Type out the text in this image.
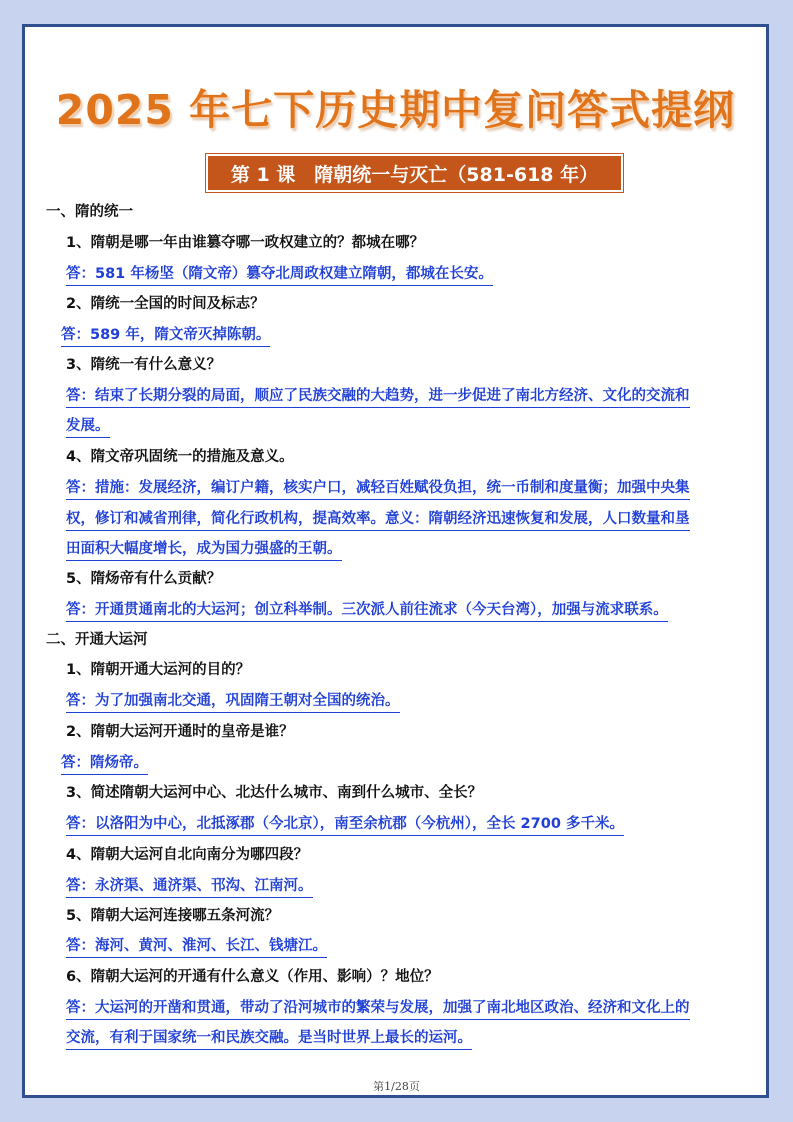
2025 年七下历史期中复问答式提纲
第 1 课　隋朝统一与灭亡（581-618 年）
一、隋的统一
1、隋朝是哪一年由谁篡夺哪一政权建立的？都城在哪？
答：581 年杨坚（隋文帝）篡夺北周政权建立隋朝，都城在长安。
2、隋统一全国的时间及标志？
答：589 年，隋文帝灭掉陈朝。
3、隋统一有什么意义？
答：结束了长期分裂的局面，顺应了民族交融的大趋势，进一步促进了南北方经济、文化的交流和
发展。
4、隋文帝巩固统一的措施及意义。
答：措施：发展经济，编订户籍，核实户口，减轻百姓赋役负担，统一币制和度量衡；加强中央集
权，修订和减省刑律，简化行政机构，提高效率。意义：隋朝经济迅速恢复和发展，人口数量和垦
田面积大幅度增长，成为国力强盛的王朝。
5、隋炀帝有什么贡献？
答：开通贯通南北的大运河；创立科举制。三次派人前往流求（今天台湾），加强与流求联系。
二、开通大运河
1、隋朝开通大运河的目的？
答：为了加强南北交通，巩固隋王朝对全国的统治。
2、隋朝大运河开通时的皇帝是谁？
答：隋炀帝。
3、简述隋朝大运河中心、北达什么城市、南到什么城市、全长？
答：以洛阳为中心，北抵涿郡（今北京），南至余杭郡（今杭州），全长 2700 多千米。
4、隋朝大运河自北向南分为哪四段？
答：永济渠、通济渠、邗沟、江南河。
5、隋朝大运河连接哪五条河流？
答：海河、黄河、淮河、长江、钱塘江。
6、隋朝大运河的开通有什么意义（作用、影响）？地位？
答：大运河的开凿和贯通，带动了沿河城市的繁荣与发展，加强了南北地区政治、经济和文化上的
交流，有利于国家统一和民族交融。是当时世界上最长的运河。
第1/28页
